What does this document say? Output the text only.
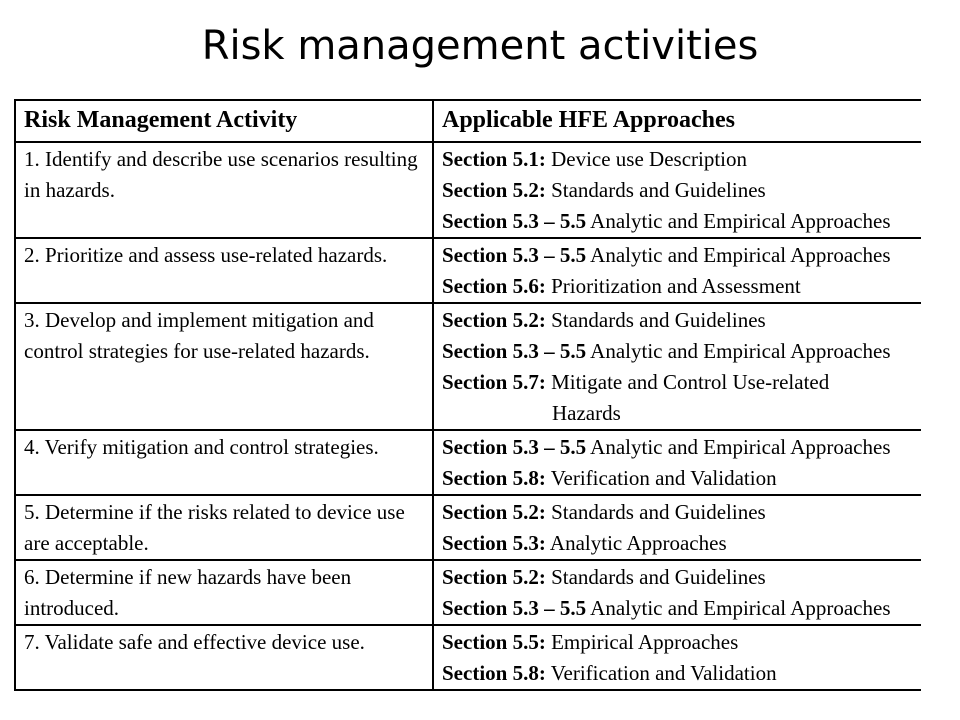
Risk management activities
Risk Management Activity	Applicable HFE Approaches

1. Identify and describe use scenarios resulting in hazards.	Section 5.1: Device use Description
Section 5.2: Standards and Guidelines
Section 5.3 – 5.5 Analytic and Empirical Approaches

2. Prioritize and assess use-related hazards.	Section 5.3 – 5.5 Analytic and Empirical Approaches
Section 5.6: Prioritization and Assessment

3. Develop and implement mitigation and control strategies for use-related hazards.	Section 5.2: Standards and Guidelines
Section 5.3 – 5.5 Analytic and Empirical Approaches
Section 5.7: Mitigate and Control Use-related
Hazards

4. Verify mitigation and control strategies.	Section 5.3 – 5.5 Analytic and Empirical Approaches
Section 5.8: Verification and Validation

5. Determine if the risks related to device use are acceptable.	Section 5.2: Standards and Guidelines
Section 5.3: Analytic Approaches

6. Determine if new hazards have been introduced.	Section 5.2: Standards and Guidelines
Section 5.3 – 5.5 Analytic and Empirical Approaches

7. Validate safe and effective device use.	Section 5.5: Empirical Approaches
Section 5.8: Verification and Validation
